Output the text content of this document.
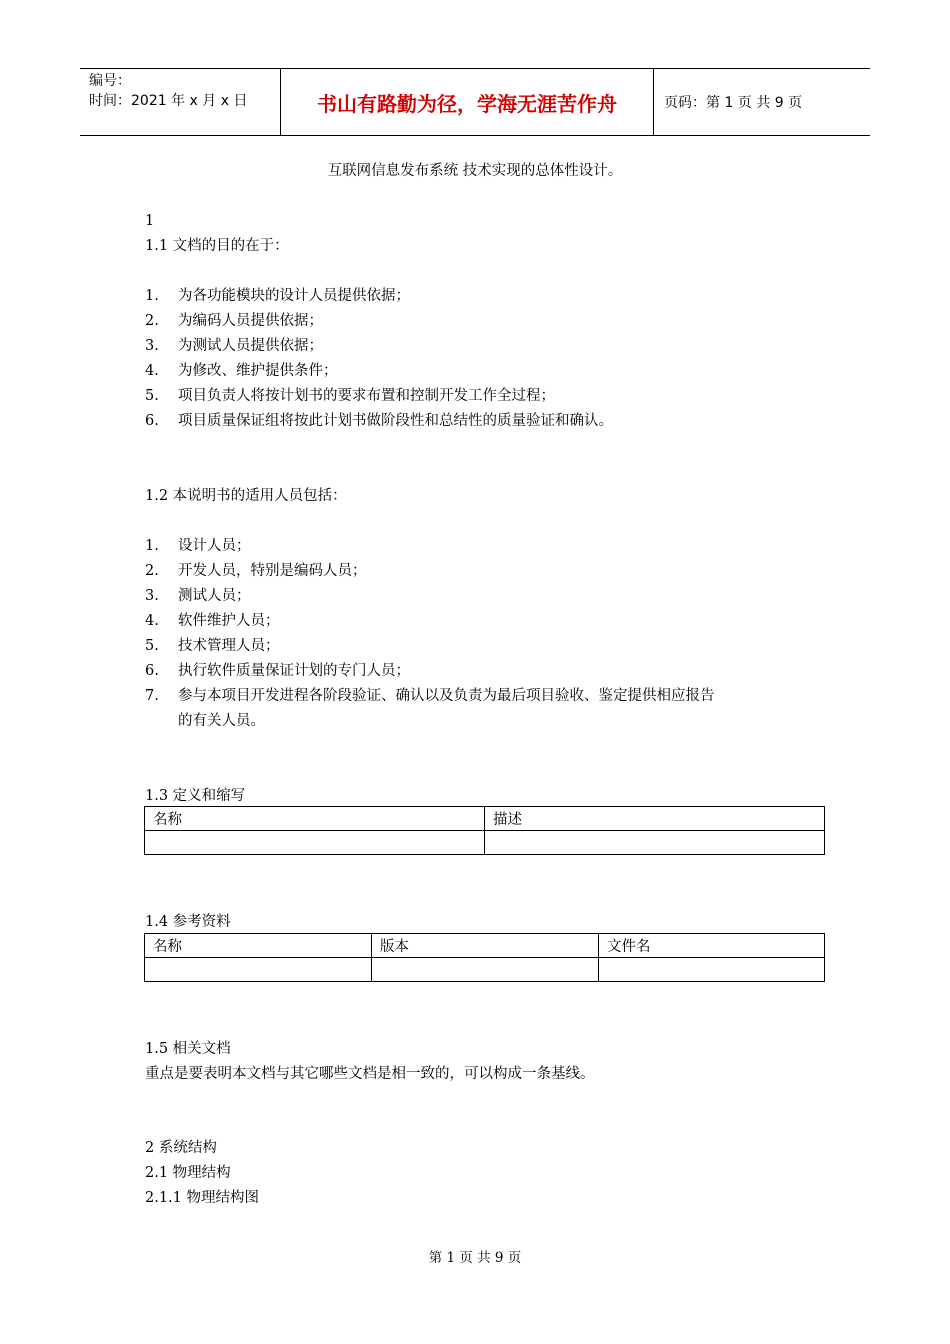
编号：
时间：2021 年 x 月 x 日	书山有路勤为径，学海无涯苦作舟	页码：第 1 页 共 9 页
互联网信息发布系统 技术实现的总体性设计。
1
1.1 文档的目的在于：
1.	为各功能模块的设计人员提供依据；
2.	为编码人员提供依据；
3.	为测试人员提供依据；
4.	为修改、维护提供条件；
5.	项目负责人将按计划书的要求布置和控制开发工作全过程；
6.	项目质量保证组将按此计划书做阶段性和总结性的质量验证和确认。
1.2 本说明书的适用人员包括：
1.	设计人员；
2.	开发人员，特别是编码人员；
3.	测试人员；
4.	软件维护人员；
5.	技术管理人员；
6.	执行软件质量保证计划的专门人员；
7.	参与本项目开发进程各阶段验证、确认以及负责为最后项目验收、鉴定提供相应报告
的有关人员。
1.3 定义和缩写
名称	描述

1.4 参考资料
名称	版本	文件名

1.5 相关文档
重点是要表明本文档与其它哪些文档是相一致的，可以构成一条基线。
2 系统结构
2.1 物理结构
2.1.1 物理结构图
第 1 页 共 9 页
